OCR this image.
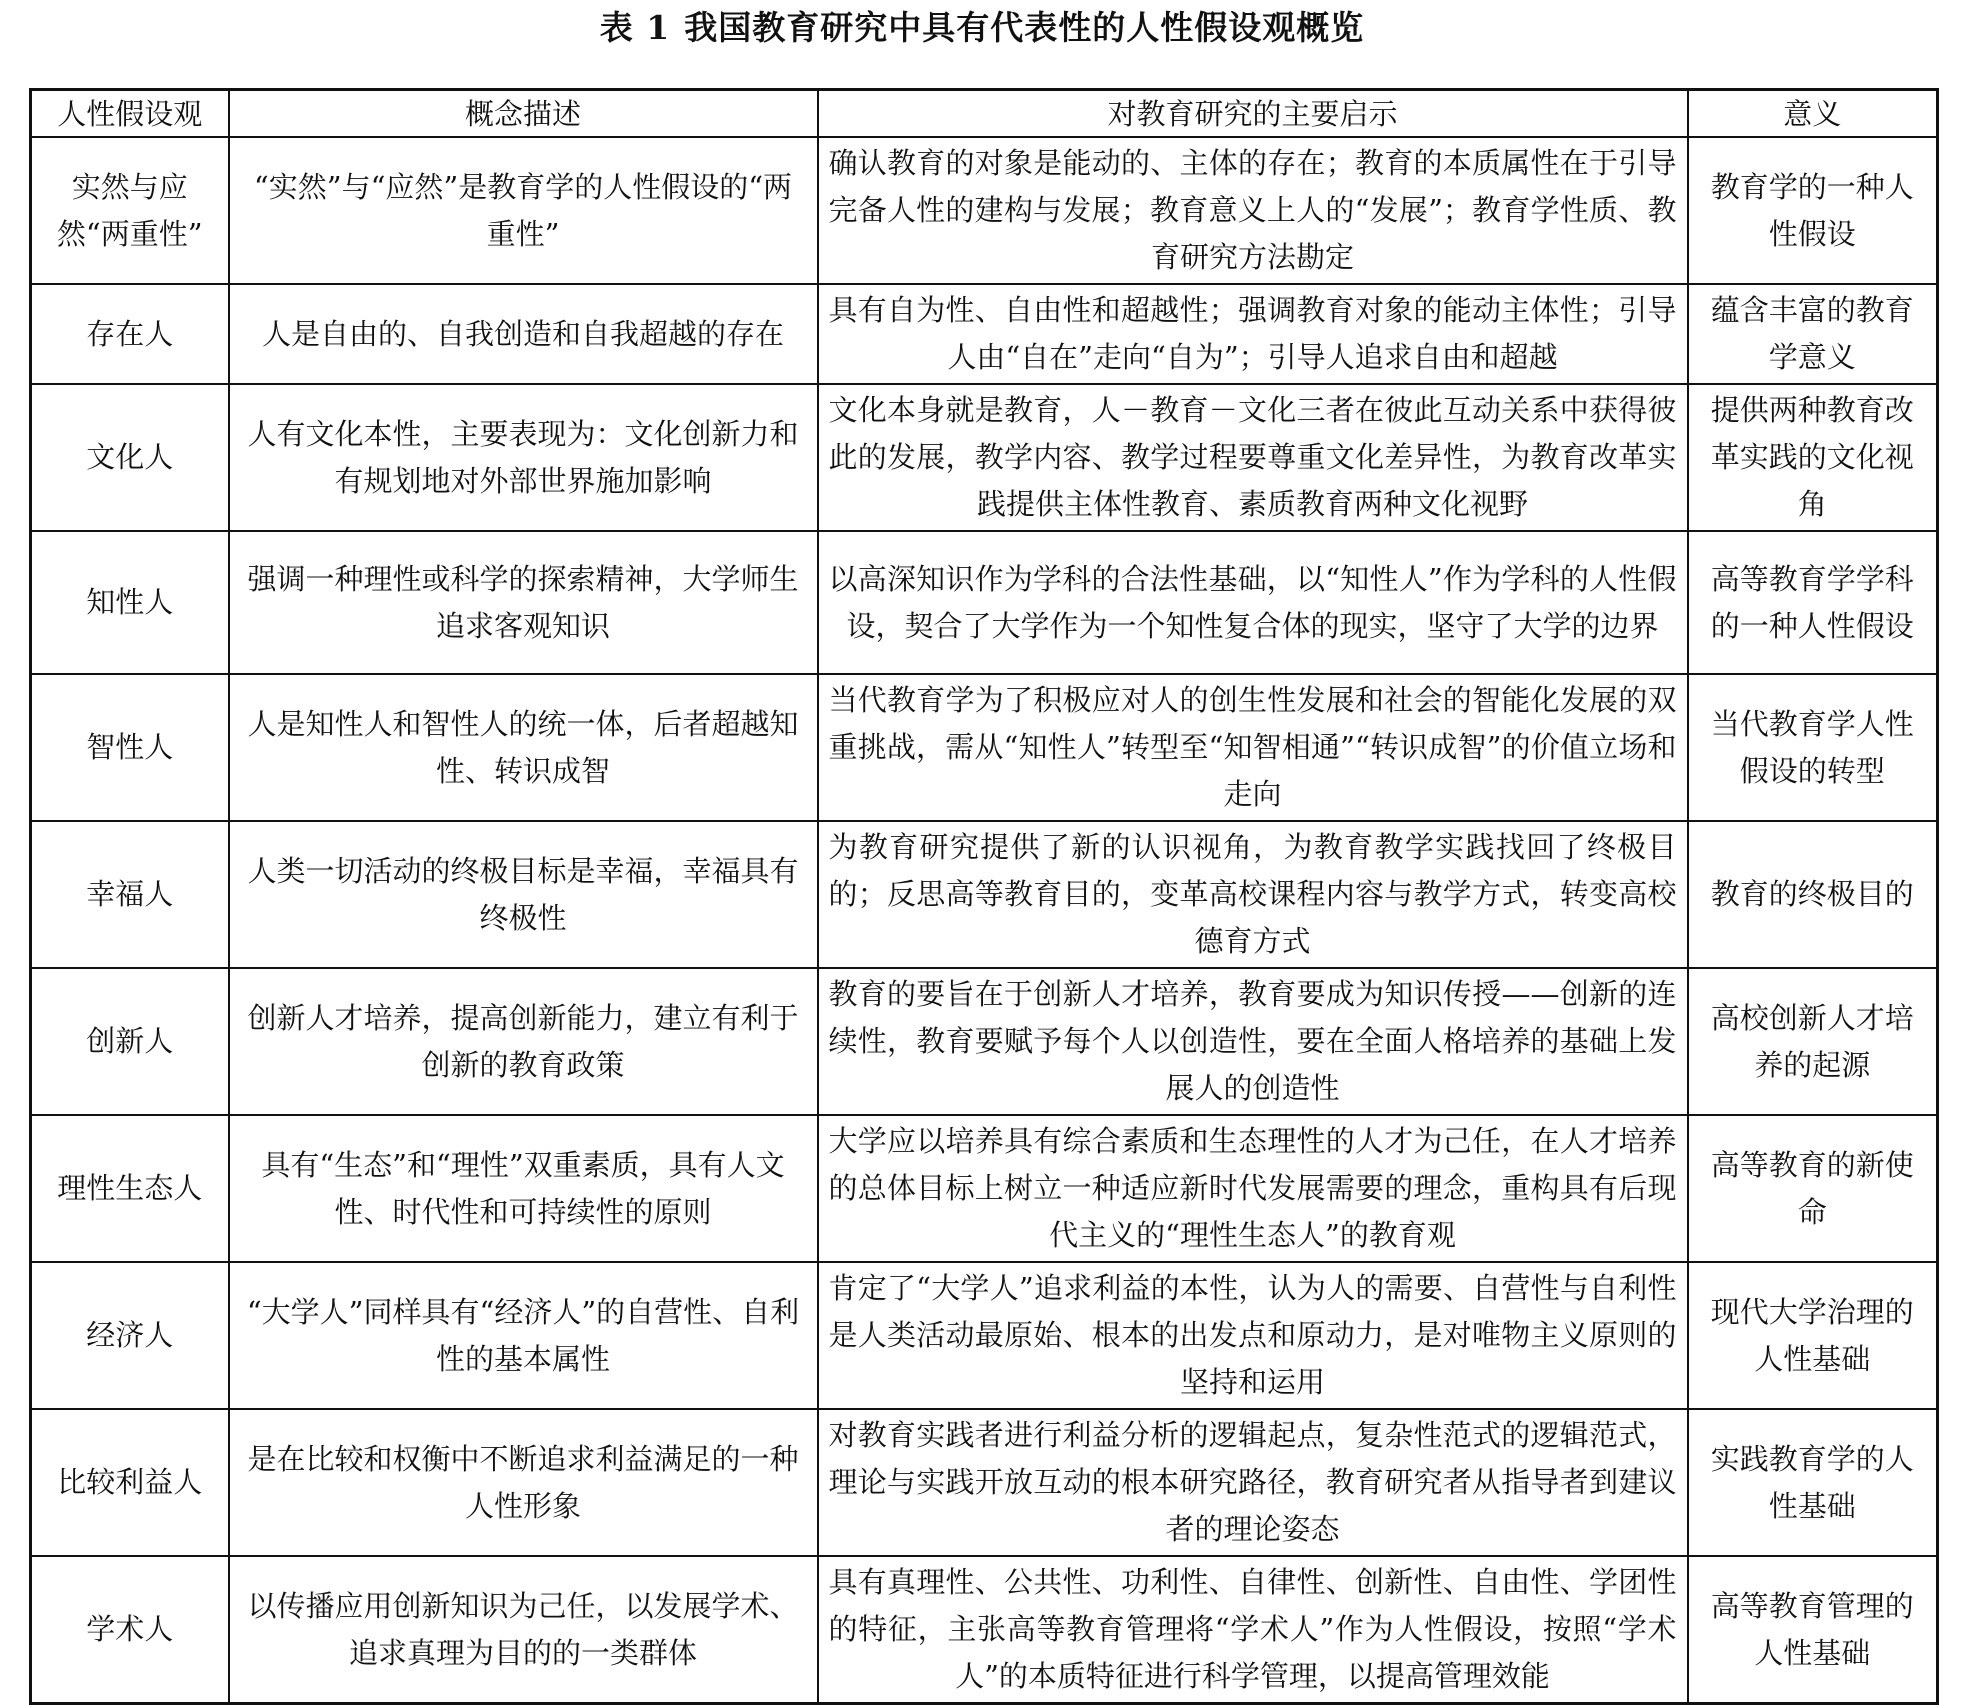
表 1 我国教育研究中具有代表性的人性假设观概览
人性假设观	概念描述	对教育研究的主要启示	意义
实然与应然“两重性”	“实然”与“应然”是教育学的人性假设的“两重性”	确认教育的对象是能动的、主体的存在；教育的本质属性在于引导完备人性的建构与发展；教育意义上人的“发展”；教育学性质、教育研究方法勘定	教育学的一种人性假设
存在人	人是自由的、自我创造和自我超越的存在	具有自为性、自由性和超越性；强调教育对象的能动主体性；引导人由“自在”走向“自为”；引导人追求自由和超越	蕴含丰富的教育学意义
文化人	人有文化本性，主要表现为：文化创新力和有规划地对外部世界施加影响	文化本身就是教育，人－教育－文化三者在彼此互动关系中获得彼此的发展，教学内容、教学过程要尊重文化差异性，为教育改革实践提供主体性教育、素质教育两种文化视野	提供两种教育改革实践的文化视角
知性人	强调一种理性或科学的探索精神，大学师生追求客观知识	以高深知识作为学科的合法性基础，以“知性人”作为学科的人性假设，契合了大学作为一个知性复合体的现实，坚守了大学的边界	高等教育学学科的一种人性假设
智性人	人是知性人和智性人的统一体，后者超越知性、转识成智	当代教育学为了积极应对人的创生性发展和社会的智能化发展的双重挑战，需从“知性人”转型至“知智相通”“转识成智”的价值立场和走向	当代教育学人性假设的转型
幸福人	人类一切活动的终极目标是幸福，幸福具有终极性	为教育研究提供了新的认识视角，为教育教学实践找回了终极目的；反思高等教育目的，变革高校课程内容与教学方式，转变高校德育方式	教育的终极目的
创新人	创新人才培养，提高创新能力，建立有利于创新的教育政策	教育的要旨在于创新人才培养，教育要成为知识传授——创新的连续性，教育要赋予每个人以创造性，要在全面人格培养的基础上发展人的创造性	高校创新人才培养的起源
理性生态人	具有“生态”和“理性”双重素质，具有人文性、时代性和可持续性的原则	大学应以培养具有综合素质和生态理性的人才为己任，在人才培养的总体目标上树立一种适应新时代发展需要的理念，重构具有后现代主义的“理性生态人”的教育观	高等教育的新使命
经济人	“大学人”同样具有“经济人”的自营性、自利性的基本属性	肯定了“大学人”追求利益的本性，认为人的需要、自营性与自利性是人类活动最原始、根本的出发点和原动力，是对唯物主义原则的坚持和运用	现代大学治理的人性基础
比较利益人	是在比较和权衡中不断追求利益满足的一种人性形象	对教育实践者进行利益分析的逻辑起点，复杂性范式的逻辑范式，理论与实践开放互动的根本研究路径，教育研究者从指导者到建议者的理论姿态	实践教育学的人性基础
学术人	以传播应用创新知识为己任，以发展学术、追求真理为目的的一类群体	具有真理性、公共性、功利性、自律性、创新性、自由性、学团性的特征，主张高等教育管理将“学术人”作为人性假设，按照“学术人”的本质特征进行科学管理，以提高管理效能	高等教育管理的人性基础
